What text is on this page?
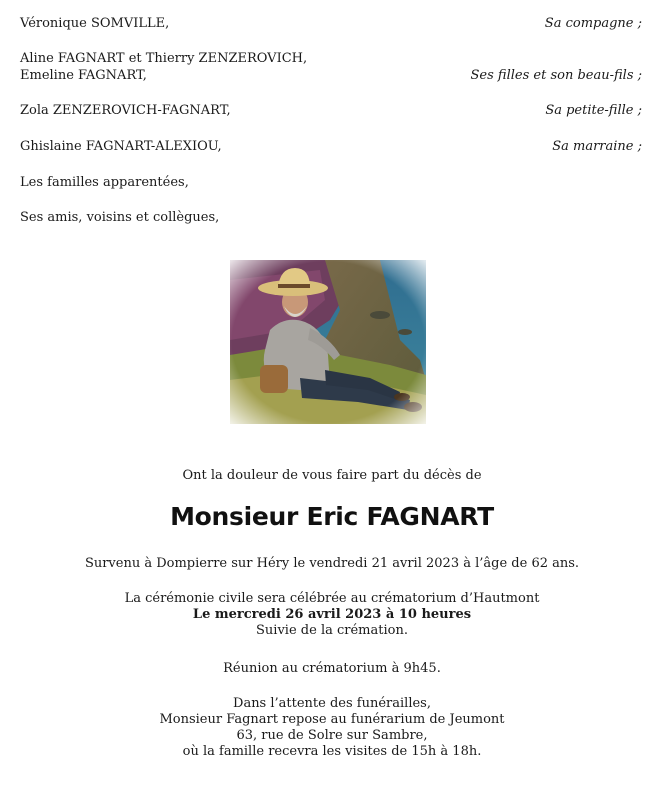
Véronique SOMVILLE,	Sa compagne ;
Aline FAGNART et Thierry ZENZEROVICH,
Emeline FAGNART,	Ses filles et son beau-fils ;
Zola ZENZEROVICH-FAGNART,	Sa petite-fille ;
Ghislaine FAGNART-ALEXIOU,	Sa marraine ;
Les familles apparentées,
Ses amis, voisins et collègues,
Ont la douleur de vous faire part du décès de
Monsieur Eric FAGNART
Survenu à Dompierre sur Héry le vendredi 21 avril 2023 à l’âge de 62 ans.
La cérémonie civile sera célébrée au crématorium d’Hautmont
Le mercredi 26 avril 2023 à 10 heures
Suivie de la crémation.
Réunion au crématorium à 9h45.
Dans l’attente des funérailles,
Monsieur Fagnart repose au funérarium de Jeumont
63, rue de Solre sur Sambre,
où la famille recevra les visites de 15h à 18h.
